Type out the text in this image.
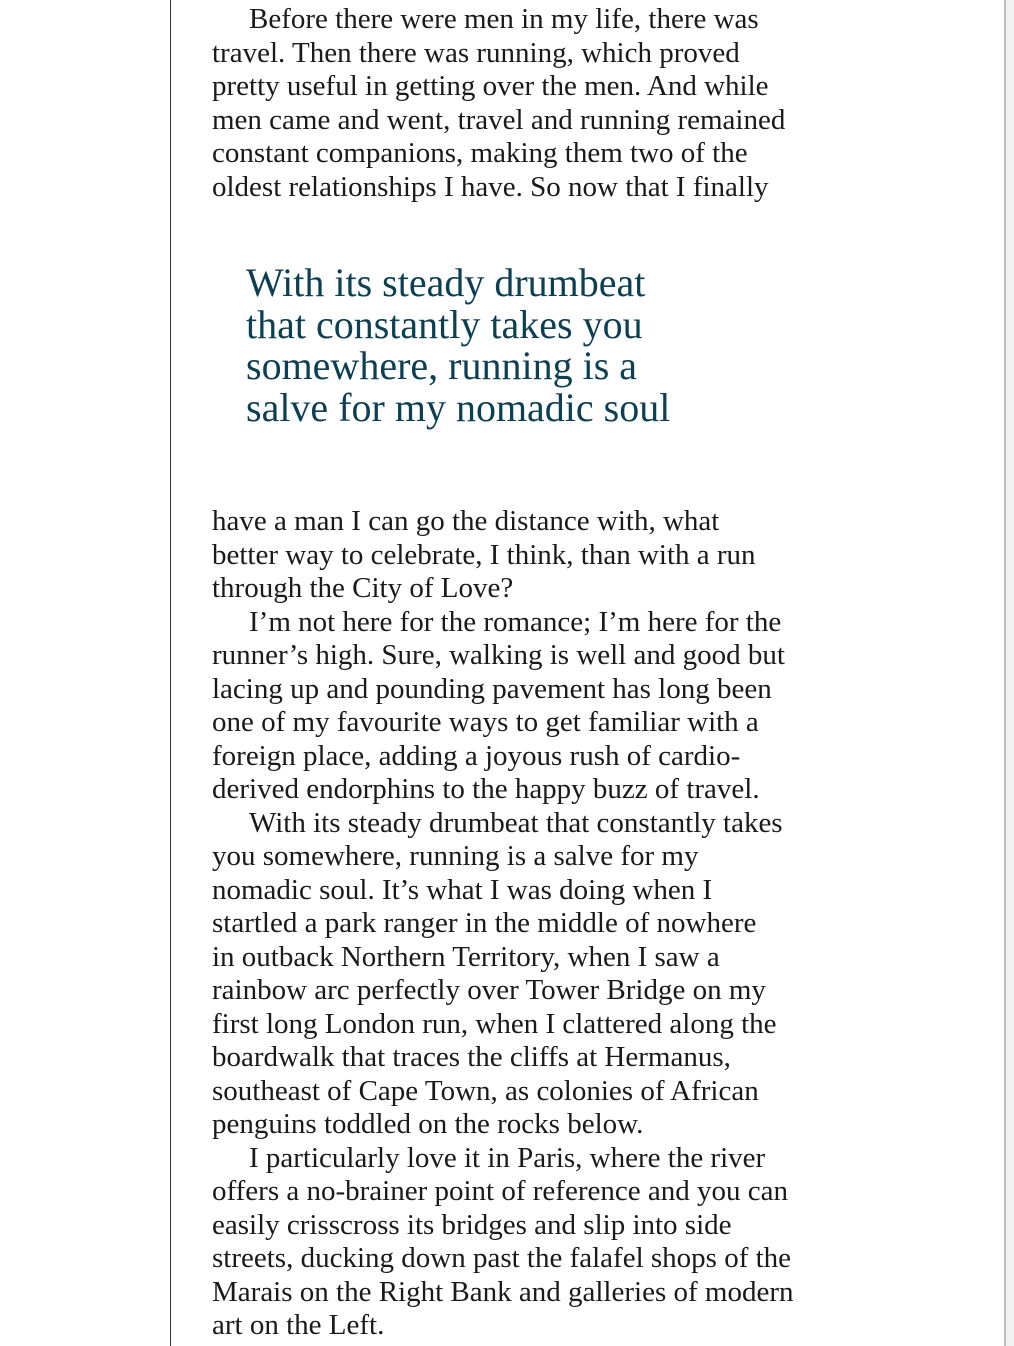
Before there were men in my life, there was
travel. Then there was running, which proved
pretty useful in getting over the men. And while
men came and went, travel and running remained
constant companions, making them two of the
oldest relationships I have. So now that I finally
With its steady drumbeat
that constantly takes you
somewhere, running is a
salve for my nomadic soul
have a man I can go the distance with, what
better way to celebrate, I think, than with a run
through the City of Love?
I’m not here for the romance; I’m here for the
runner’s high. Sure, walking is well and good but
lacing up and pounding pavement has long been
one of my favourite ways to get familiar with a
foreign place, adding a joyous rush of cardio-
derived endorphins to the happy buzz of travel.
With its steady drumbeat that constantly takes
you somewhere, running is a salve for my
nomadic soul. It’s what I was doing when I
startled a park ranger in the middle of nowhere
in outback Northern Territory, when I saw a
rainbow arc perfectly over Tower Bridge on my
first long London run, when I clattered along the
boardwalk that traces the cliffs at Hermanus,
southeast of Cape Town, as colonies of African
penguins toddled on the rocks below.
I particularly love it in Paris, where the river
offers a no-brainer point of reference and you can
easily crisscross its bridges and slip into side
streets, ducking down past the falafel shops of the
Marais on the Right Bank and galleries of modern
art on the Left.
